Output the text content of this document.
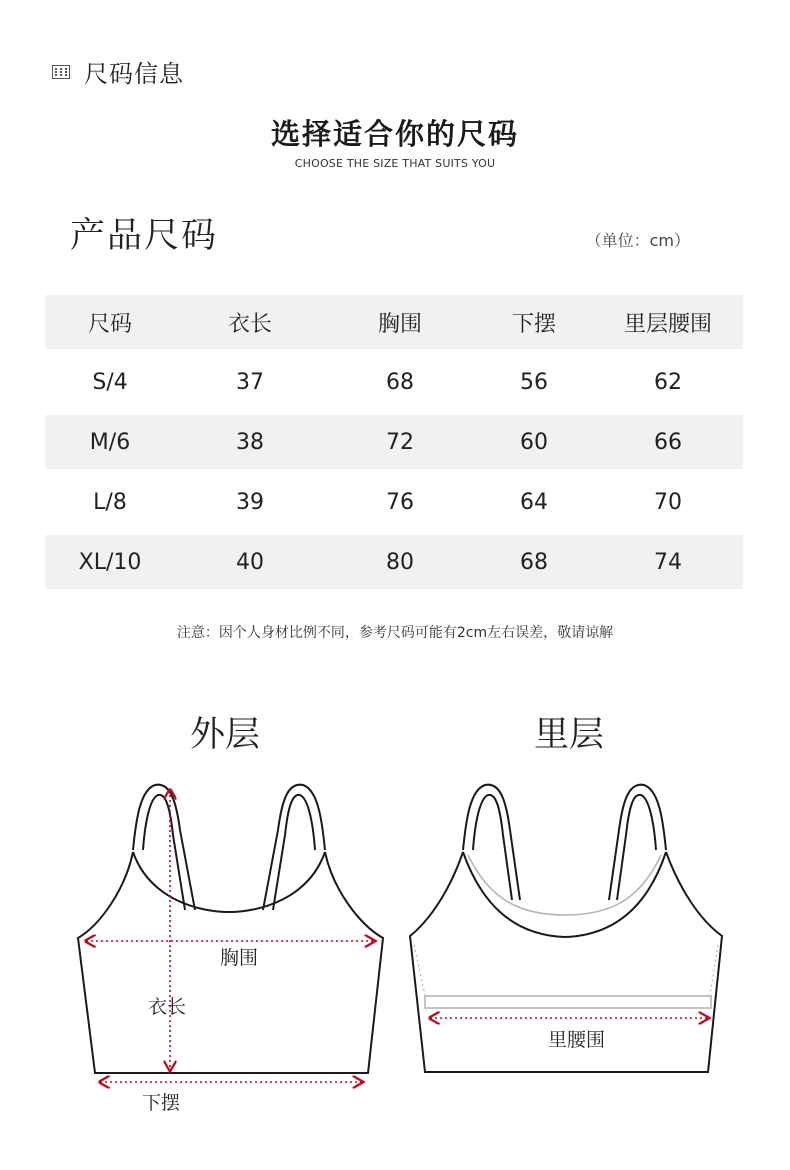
尺码信息
选择适合你的尺码
CHOOSE THE SIZE THAT SUITS YOU
产品尺码	（单位：cm）
尺码	衣长	胸围	下摆	里层腰围
S/4	37	68	56	62
M/6	38	72	60	66
L/8	39	76	64	70
XL/10	40	80	68	74
注意：因个人身材比例不同，参考尺码可能有2cm左右误差，敬请谅解
外层	里层
胸围
衣长
下摆
里腰围
